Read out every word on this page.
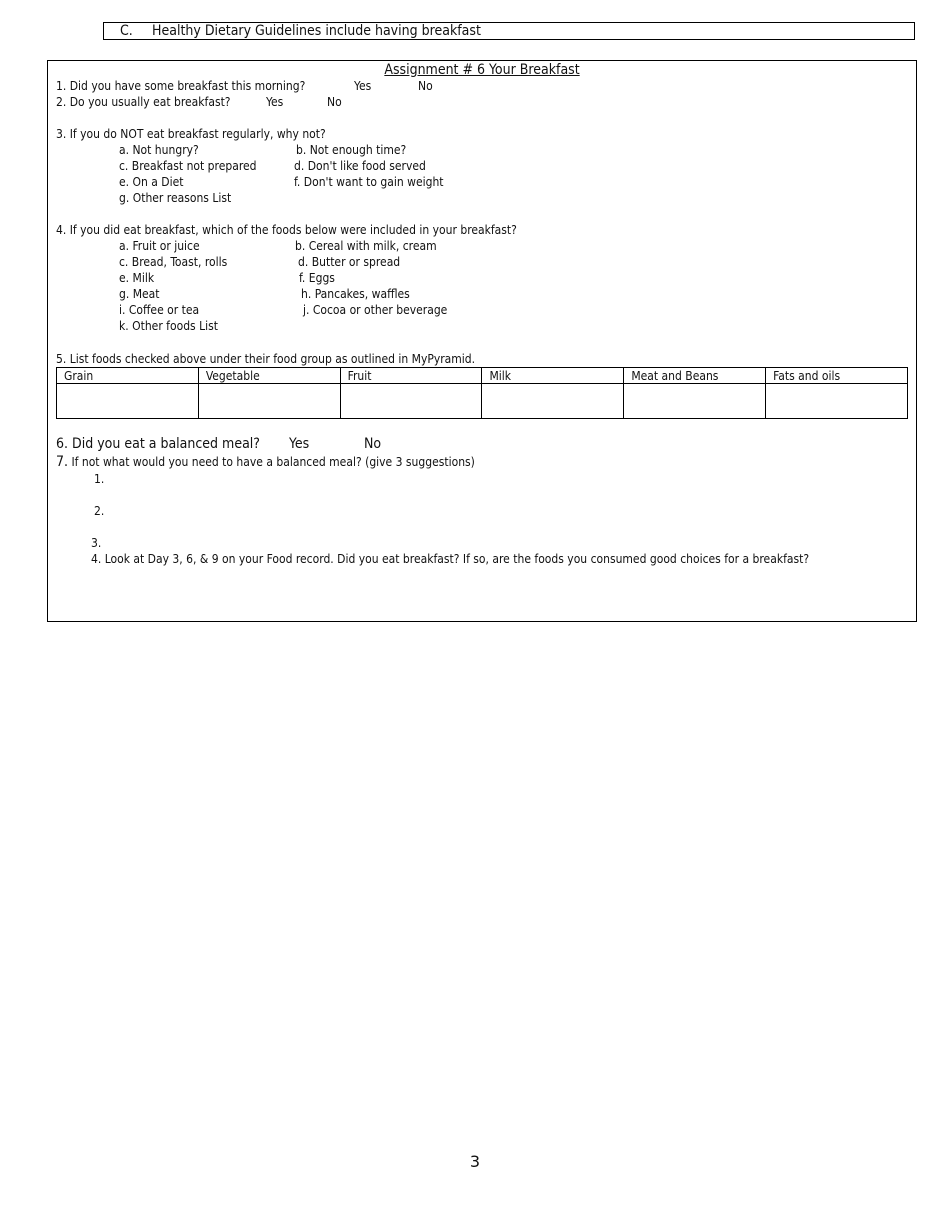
C. Healthy Dietary Guidelines include having breakfast
Assignment # 6 Your Breakfast
1. Did you have some breakfast this morning?	Yes	No
2. Do you usually eat breakfast?	Yes	No
3. If you do NOT eat breakfast regularly, why not?
a. Not hungry?	b. Not enough time?
c. Breakfast not prepared	d. Don't like food served
e. On a Diet	f. Don't want to gain weight
g. Other reasons List
4. If you did eat breakfast, which of the foods below were included in your breakfast?
a. Fruit or juice	b. Cereal with milk, cream
c. Bread, Toast, rolls	d. Butter or spread
e. Milk	f. Eggs
g. Meat	h. Pancakes, waffles
i. Coffee or tea	j. Cocoa or other beverage
k. Other foods List
5. List foods checked above under their food group as outlined in MyPyramid.
Grain	Vegetable	Fruit	Milk	Meat and Beans	Fats and oils

6. Did you eat a balanced meal? Yes	No
7. If not what would you need to have a balanced meal? (give 3 suggestions)
1.
2.
3.
4. Look at Day 3, 6, & 9 on your Food record. Did you eat breakfast? If so, are the foods you consumed good choices for a breakfast?
3
